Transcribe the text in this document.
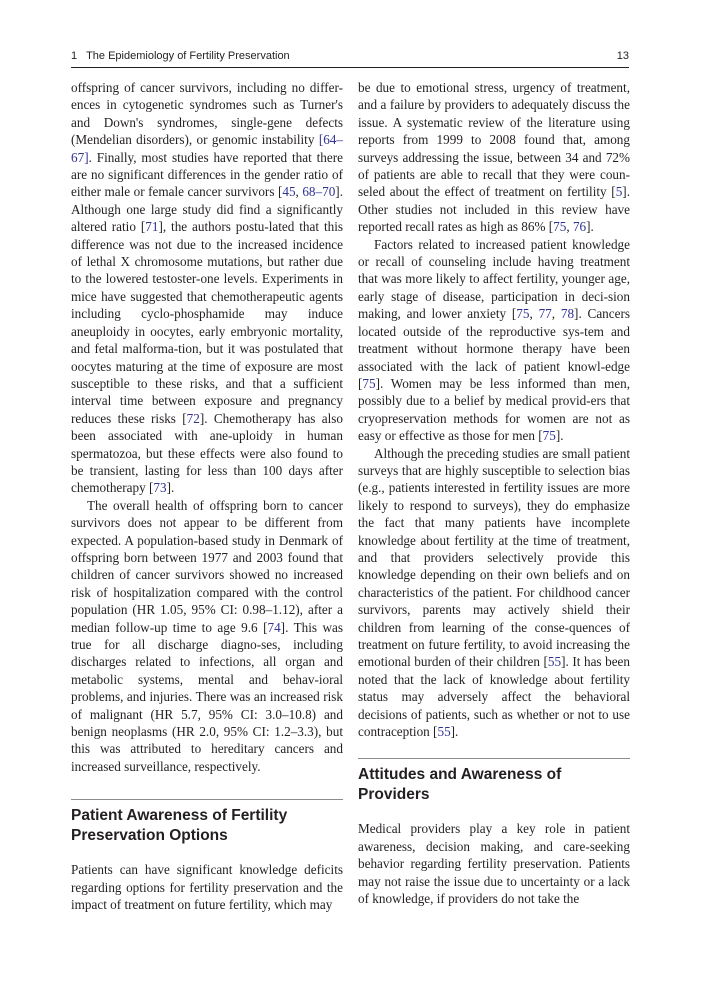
1   The Epidemiology of Fertility Preservation	13

offspring of cancer survivors, including no differ-ences in cytogenetic syndromes such as Turner's and Down's syndromes, single-gene defects (Mendelian disorders), or genomic instability [64–67]. Finally, most studies have reported that there are no significant differences in the gender ratio of either male or female cancer survivors [45, 68–70]. Although one large study did find a significantly altered ratio [71], the authors postu-lated that this difference was not due to the increased incidence of lethal X chromosome mutations, but rather due to the lowered testoster-one levels. Experiments in mice have suggested that chemotherapeutic agents including cyclo-phosphamide may induce aneuploidy in oocytes, early embryonic mortality, and fetal malforma-tion, but it was postulated that oocytes maturing at the time of exposure are most susceptible to these risks, and that a sufficient interval time between exposure and pregnancy reduces these risks [72]. Chemotherapy has also been associated with ane-uploidy in human spermatozoa, but these effects were also found to be transient, lasting for less than 100 days after chemotherapy [73].

The overall health of offspring born to cancer survivors does not appear to be different from expected. A population-based study in Denmark of offspring born between 1977 and 2003 found that children of cancer survivors showed no increased risk of hospitalization compared with the control population (HR 1.05, 95% CI: 0.98–1.12), after a median follow-up time to age 9.6 [74]. This was true for all discharge diagno-ses, including discharges related to infections, all organ and metabolic systems, mental and behav-ioral problems, and injuries. There was an increased risk of malignant (HR 5.7, 95% CI: 3.0–10.8) and benign neoplasms (HR 2.0, 95% CI: 1.2–3.3), but this was attributed to hereditary cancers and increased surveillance, respectively.

Patient Awareness of Fertility Preservation Options

Patients can have significant knowledge deficits regarding options for fertility preservation and the impact of treatment on future fertility, which may

be due to emotional stress, urgency of treatment, and a failure by providers to adequately discuss the issue. A systematic review of the literature using reports from 1999 to 2008 found that, among surveys addressing the issue, between 34 and 72% of patients are able to recall that they were coun-seled about the effect of treatment on fertility [5]. Other studies not included in this review have reported recall rates as high as 86% [75, 76].

Factors related to increased patient knowledge or recall of counseling include having treatment that was more likely to affect fertility, younger age, early stage of disease, participation in deci-sion making, and lower anxiety [75, 77, 78]. Cancers located outside of the reproductive sys-tem and treatment without hormone therapy have been associated with the lack of patient knowl-edge [75]. Women may be less informed than men, possibly due to a belief by medical provid-ers that cryopreservation methods for women are not as easy or effective as those for men [75].

Although the preceding studies are small patient surveys that are highly susceptible to selection bias (e.g., patients interested in fertility issues are more likely to respond to surveys), they do emphasize the fact that many patients have incomplete knowledge about fertility at the time of treatment, and that providers selectively provide this knowledge depending on their own beliefs and on characteristics of the patient. For childhood cancer survivors, parents may actively shield their children from learning of the conse-quences of treatment on future fertility, to avoid increasing the emotional burden of their children [55]. It has been noted that the lack of knowledge about fertility status may adversely affect the behavioral decisions of patients, such as whether or not to use contraception [55].

Attitudes and Awareness of Providers

Medical providers play a key role in patient awareness, decision making, and care-seeking behavior regarding fertility preservation. Patients may not raise the issue due to uncertainty or a lack of knowledge, if providers do not take the
